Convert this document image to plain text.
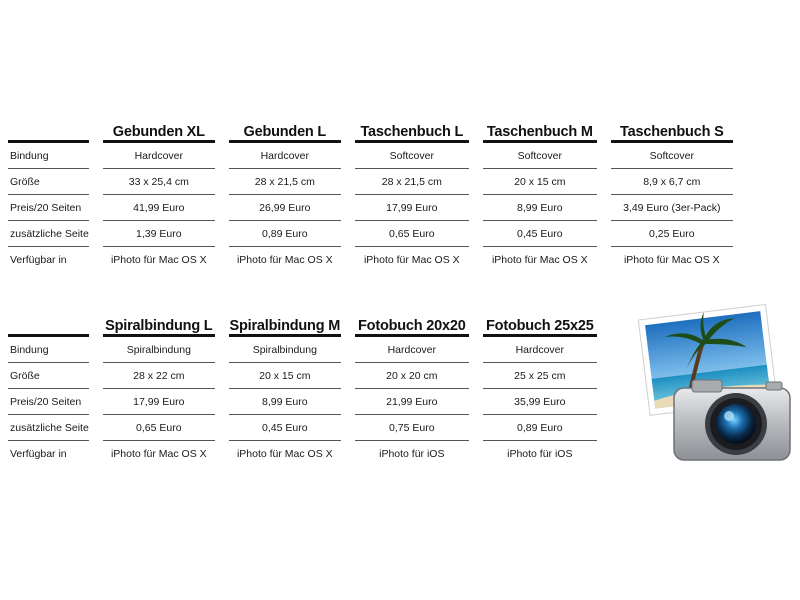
		Gebunden XL		Gebunden L		Taschenbuch L		Taschenbuch M		Taschenbuch S

Bindung		Hardcover		Hardcover		Softcover		Softcover		Softcover
Größe		33 x 25,4 cm		28 x 21,5 cm		28 x 21,5 cm		20 x 15 cm		8,9 x 6,7 cm
Preis/20 Seiten		41,99 Euro		26,99 Euro		17,99 Euro		8,99 Euro		3,49 Euro (3er-Pack)
zusätzliche Seite		1,39 Euro		0,89 Euro		0,65 Euro		0,45 Euro		0,25 Euro
Verfügbar in		iPhoto für Mac OS X		iPhoto für Mac OS X		iPhoto für Mac OS X		iPhoto für Mac OS X		iPhoto für Mac OS X
		Spiralbindung L		Spiralbindung M		Fotobuch 20x20		Fotobuch 25x25

Bindung		Spiralbindung		Spiralbindung		Hardcover		Hardcover
Größe		28 x 22 cm		20 x 15 cm		20 x 20 cm		25 x 25 cm
Preis/20 Seiten		17,99 Euro		8,99 Euro		21,99 Euro		35,99 Euro
zusätzliche Seite		0,65 Euro		0,45 Euro		0,75 Euro		0,89 Euro
Verfügbar in		iPhoto für Mac OS X		iPhoto für Mac OS X		iPhoto für iOS		iPhoto für iOS
